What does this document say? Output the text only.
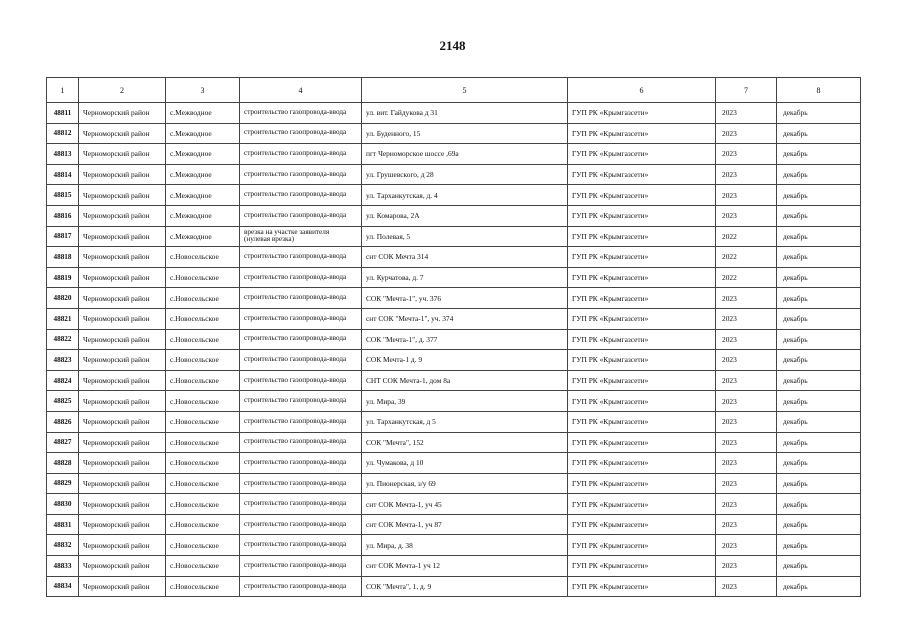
2148
1	2	3	4	5	6	7	8
48811	Черноморский район	с.Межводное	строительство газопровода-ввода	ул. вит. Гайдукова д 31	ГУП РК «Крымгазсети»	2023	декабрь
48812	Черноморский район	с.Межводное	строительство газопровода-ввода	ул. Буденного, 15	ГУП РК «Крымгазсети»	2023	декабрь
48813	Черноморский район	с.Межводное	строительство газопровода-ввода	пгт Черноморское шоссе ,69а	ГУП РК «Крымгазсети»	2023	декабрь
48814	Черноморский район	с.Межводное	строительство газопровода-ввода	ул. Грушевского, д 28	ГУП РК «Крымгазсети»	2023	декабрь
48815	Черноморский район	с.Межводное	строительство газопровода-ввода	ул. Тарханкутская, д. 4	ГУП РК «Крымгазсети»	2023	декабрь
48816	Черноморский район	с.Межводное	строительство газопровода-ввода	ул. Комарова, 2А	ГУП РК «Крымгазсети»	2023	декабрь
48817	Черноморский район	с.Межводное	врезка на участке заявителя (нулевая врезка)	ул. Полевая, 5	ГУП РК «Крымгазсети»	2022	декабрь
48818	Черноморский район	с.Новосельское	строительство газопровода-ввода	снт СОК Мечта 314	ГУП РК «Крымгазсети»	2022	декабрь
48819	Черноморский район	с.Новосельское	строительство газопровода-ввода	ул. Курчатова, д. 7	ГУП РК «Крымгазсети»	2022	декабрь
48820	Черноморский район	с.Новосельское	строительство газопровода-ввода	СОК "Мечта-1", уч. 376	ГУП РК «Крымгазсети»	2023	декабрь
48821	Черноморский район	с.Новосельское	строительство газопровода-ввода	снт СОК "Мечта-1", уч. 374	ГУП РК «Крымгазсети»	2023	декабрь
48822	Черноморский район	с.Новосельское	строительство газопровода-ввода	СОК "Мечта-1", д. 377	ГУП РК «Крымгазсети»	2023	декабрь
48823	Черноморский район	с.Новосельское	строительство газопровода-ввода	СОК Мечта-1 д. 9	ГУП РК «Крымгазсети»	2023	декабрь
48824	Черноморский район	с.Новосельское	строительство газопровода-ввода	СНТ СОК Мечта-1, дом 8а	ГУП РК «Крымгазсети»	2023	декабрь
48825	Черноморский район	с.Новосельское	строительство газопровода-ввода	ул. Мира, 39	ГУП РК «Крымгазсети»	2023	декабрь
48826	Черноморский район	с.Новосельское	строительство газопровода-ввода	ул. Тарханкутская, д 5	ГУП РК «Крымгазсети»	2023	декабрь
48827	Черноморский район	с.Новосельское	строительство газопровода-ввода	СОК "Мечта", 152	ГУП РК «Крымгазсети»	2023	декабрь
48828	Черноморский район	с.Новосельское	строительство газопровода-ввода	ул. Чумакова, д 10	ГУП РК «Крымгазсети»	2023	декабрь
48829	Черноморский район	с.Новосельское	строительство газопровода-ввода	ул. Пионерская, з/у 69	ГУП РК «Крымгазсети»	2023	декабрь
48830	Черноморский район	с.Новосельское	строительство газопровода-ввода	снт СОК Мечта-1, уч 45	ГУП РК «Крымгазсети»	2023	декабрь
48831	Черноморский район	с.Новосельское	строительство газопровода-ввода	снт СОК Мечта-1, уч 87	ГУП РК «Крымгазсети»	2023	декабрь
48832	Черноморский район	с.Новосельское	строительство газопровода-ввода	ул. Мира, д. 38	ГУП РК «Крымгазсети»	2023	декабрь
48833	Черноморский район	с.Новосельское	строительство газопровода-ввода	снт СОК Мечта-1 уч 12	ГУП РК «Крымгазсети»	2023	декабрь
48834	Черноморский район	с.Новосельское	строительство газопровода-ввода	СОК "Мечта", 1, д. 9	ГУП РК «Крымгазсети»	2023	декабрь
